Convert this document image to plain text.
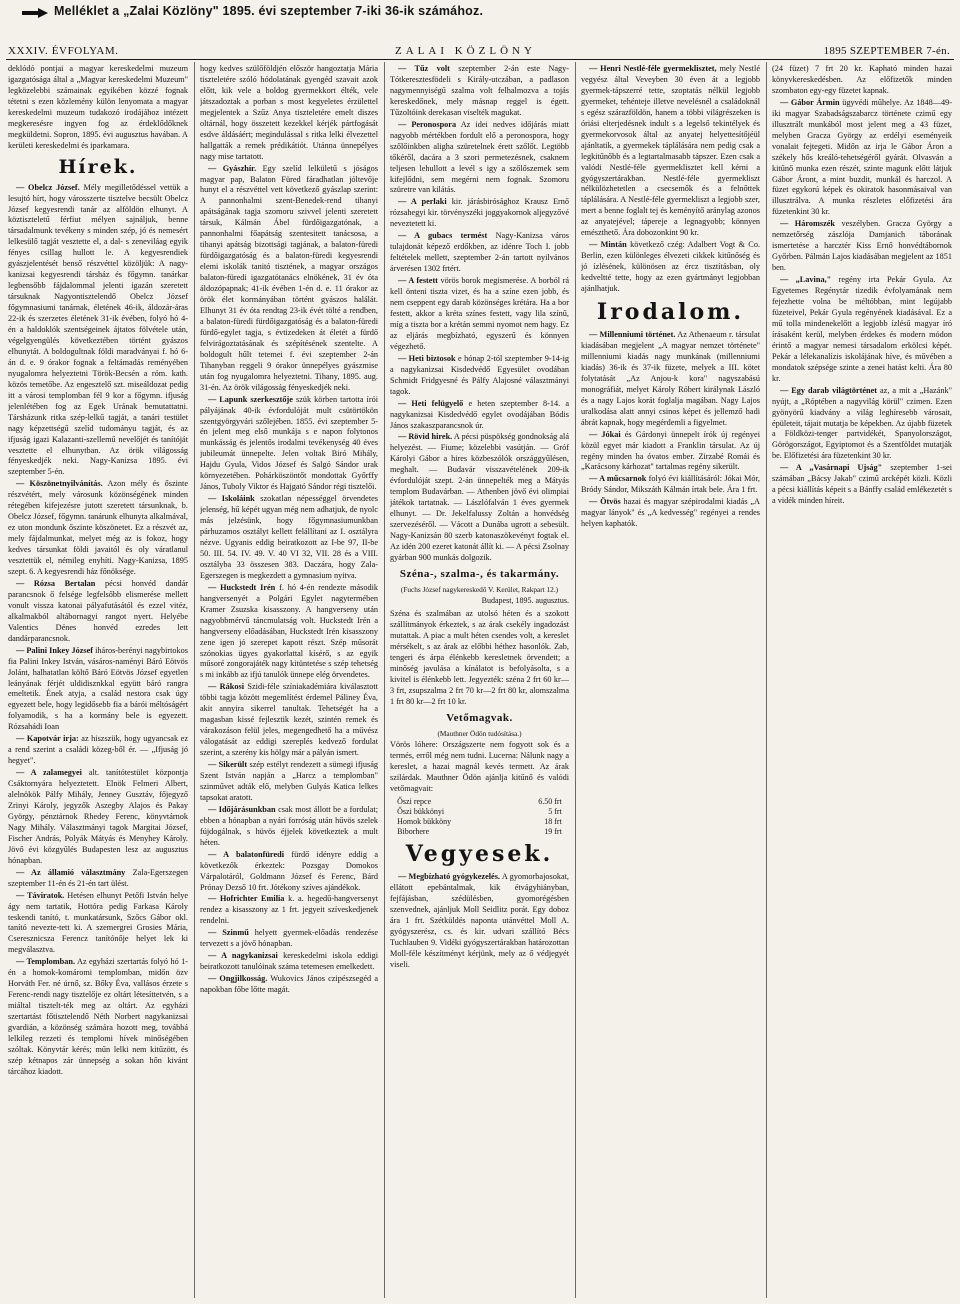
Melléklet a „Zalai Közlöny" 1895. évi szeptember 7-iki 36-ik számához.
XXXIV. ÉVFOLYAM.	ZALAI KÖZLÖNY	1895 SZEPTEMBER 7-én.

deklódó pontjai a magyar kereskedelmi muzeum igazgatósága által a „Magyar kereskedelmi Muzeum" legközelebbi számainak egyikében közzé fognak tétetni s ezen közlemény külön lenyomata a magyar kereskedelmi muzeum tudakozó irodájához intézett megkeresésre ingyen fog az érdeklődőknek megküldetni. Sopron, 1895. évi augusztus havában. A kerületi kereskedelmi és iparkamara.

Hírek.

— Obelcz József. Mély megilletődéssel vettük a lesujtó hírt, hogy városszerte tisztelve becsült Obelcz József kegyesrendi tanár az alföldön elhunyt. A köztiszteletű férfiut mélyen sajnáljuk, benne társadalmunk tevékeny s minden szép, jó és nemesért lelkesülő tagját vesztette el, a dal- s zeneviláag egyik fényes csillag hullott le. A kegyesrendiek gyászjelentését benső részvéttel közöljük: A nagy-kanizsai kegyesrendi társház és főgymn. tanárkar legbensőbb fájdalommal jelenti igazán szeretett társuknak Nagyontisztelendő Obelcz József főgymnasiumi tanárnak, életének 46-ik, áldozár-áras 22-ik és szerzetes életének 31-ik évében, folyó hó 4-én a haldoklók szentségeinek ájtatos fölvétele után, végelgyengülés következtében történt gyászos elhunytát. A boldogultnak földi maradványai f. hó 6-án d. e. 9 órakor fognak a feltámadás reményében nyugalomra helyeztetni Török-Becsén a róm. kath. közös temetőbe. Az engesztelő szt. miseáldozat pedig itt a városi templomban fél 9 kor a főgymn. ifjuság jelenlétében fog az Egek Urának bemutattatni. Társházunk ritka szép-lelkű tagját, a tanári testület nagy képzettségű szelíd tudományu tagját, és az ifjuság igazi Kalazanti-szellemű nevelőjét és tanítóját vesztette el elhunytban. Az örök világosság fényeskedjék neki. Nagy-Kanizsa 1895. évi szeptember 5-én.

— Köszönetnyilvánítás. Azon mély és őszinte részvétért, mely városunk közönségének minden rétegében kifejezésre jutott szeretett társunknak, b. Obelcz József, főgymn. tanárunk elhunyta alkalmával, ez uton mondunk őszinte köszönetet. Ez a részvét az, mely fájdalmunkat, melyet még az is fokoz, hogy kedves társunkat földi javaitól és oly váratlanul vesztettük el, némileg enyhíti. Nagy-Kanizsa, 1895 szept. 6. A kegyesrendi ház főnöksége.

— Rózsa Bertalan pécsi honvéd dandár parancsnok ő felsége legfelsőbb elismerése mellett vonult vissza katonai pályafutásától és ezzel vitéz, alkalmakból altábornagyi rangot nyert. Helyébe Valentics Dénes honvéd ezredes lett dandárparancsnok.

— Palini Inkey József iháros-berényi nagybirtokos fia Palini Inkey István, vásáros-naményi Báró Eötvös Jolánt, halhatatlan költő Báró Eötvös József egyetlen leányának férjét uldidisznkkal együtt báró rangra emeltetik. Ének atyja, a család nestora csak úgy egyezett bele, hogy legidősebb fia a bárói méltóságért folyamodik, s ha a kormány bele is egyezett. Rózsahádi Ioan

— Kapotvár irja: az hiszszük, hogy ugyancsak ez a rend szerint a családi közeg-ből ér. — „Ifjuság jó hegyet".

— A zalamegyei alt. tanítótestület központja Csáktornyára helyeztetett. Elnök Felmeri Albert, alelnökök Pálfy Mihály, Jenney Gusztáv, főjegyző Zrinyi Károly, jegyzők Aszegby Alajos és Pakay György, pénztárnok Rhedey Ferenc, könyvtárnok Nagy Mihály. Választmányi tagok Margitai József, Fischer András, Polyák Mátyás és Menyhey Károly. Jövő évi közgyűlés Budapesten lesz az augusztus hónapban.

— Az államió választmány Zala-Egerszegen szeptember 11-én és 21-én tart ülést.

— Táviratok. Hetésen elhunyt Petőfi István helye ágy nem tartatik, Hottóra pedig Farkasa Károly teskendi tanító, t. munkatársunk, Szőcs Gábor okl. tanító nevezte-tett ki. A szemergrei Grosies Mária, Cseresznicsza Ferencz tanítónője helyet lek ki megválasztva.

— Templomban. Az egyházi szertartás folyó hó 1-én a homok-komáromi templomban, midőn özv Horváth Fer. né úrnő, sz. Bőky Éva, vallásos érzete s Ferenc-rendi nagy tisztelője ez oltárt létesíttetvén, s a miáltal tisztelt-ték meg az oltárt. Az egyházi szertartást főtisztelendő Néth Norbert nagykanizsai gvardián, a közönség számára hozott meg, továbbá lelkileg rezzeti és templomi hívek minőségében szóltak. Könyvtár kérés; műn lelki nem kitűzött, és szép kétnapos zár ünnepség a sokan hőn kivánt tárcához kiadott.

hogy kedves szülőföldjén először hangoztatja Mária tiszteletére szóló hódolatának gyengéd szavait azok előtt, kik vele a boldog gyermekkort élték, vele játszadoztak a porban s most kegyeletes érzülettel megjelentek a Szűz Anya tiszteletére emelt diszes oltárnál, hogy összetett kezekkel kérjék pártfogását esdve áldásáért; megindulással s ritka lelki élvezettel hallgatták a remek prédikátiót. Utánna ünnepélyes nagy mise tartatott.

— Gyászhír. Egy szelíd lelkületű s jóságos magyar pap, Balaton Füred fáradhatlan jóltevője hunyt el a részvéttel vett következő gyászlap szerint: A pannonhalmi szent-Benedek-rend tihanyi apátságának tagja szomoru szivvel jelenti szeretett társuk, Kálmán Ábel fürdőigazgatónak, a pannonhalmi főapátság szentesitett tanácsosa, a tihanyi apátság bizottsági tagjának, a balaton-füredi fürdőigazgatóság és a balaton-füredi kegyesrendi elemi iskolák tanitó tisztének, a magyar országos balaton-füredi igazgatótanács elnökének, 31 év óta áldozópapnak; 41-ik évében 1-én d. e. 11 órakor az örök élet kormányában történt gyászos halálát. Elhunyt 31 év óta rendtag 23-ik évét tölté a rendben, a balaton-füredi fürdőigazgatóság és a balaton-füredi fürdő-egylet tagja, s évtizedeken át életét a fürdő felvirágoztatásának és szépítésének szentelte. A boldogult hűlt tetemei f. évi szeptember 2-án Tihanyban reggeli 9 órakor ünnepélyes gyászmise után fog nyugalomra helyeztetni. Tihany, 1895. aug. 31-én. Az örök világosság fényeskedjék neki.

— Lapunk szerkesztője szük körben tartotta írói pályájának 40-ik évfordulóját mult csütörtökön szentgyörgyvári szőlejében. 1855. évi szeptember 5-én jelent meg első munkája s e napon folytonos munkásság és jelentős irodalmi tevékenység 40 éves jubileumát ünnepelte. Jelen voltak Biró Mihály, Hajdu Gyula, Vidos József és Salgó Sándor urak környezetében. Pohárköszöntőt mondottak Győrffy János, Tuboly Viktor és Hajgató Sándor régi tisztelői.

— Iskoláink szokatlan népességgel örvendetes jelenség, hű képét ugyan még nem adhatjuk, de nyolc más jelzésünk, hogy főgymnasiumunkban párhuzamos osztályt kellett felállítani az I. osztályra nézve. Ugyanis eddig beiratkozott az I-be 97, II-be 50. III. 54. IV. 49. V. 40 VI 32, VII. 28 és a VIII. osztályba 33 összesen 383. Daczára, hogy Zala-Egerszegen is megkezdett a gymnasium nyitva.

— Huckstedt Irén f. hó 4-én rendezte második hangversenyét a Polgári Egylet nagytermében Kramer Zsuzska kisasszony. A hangverseny után nagyobbmérvű táncmulatság volt. Huckstedt Irén a hangverseny előadásában, Huckstedt Irén kisasszony zene igen jó szerepet kapott részt. Szép műsorát szónokias ügyes gyakorlattal kísérő, s az egyik műsoré zongorajáték nagy kitüntetése s szép tehetség s mi inkább az ifjú tanulók ünnepe elég örvendetes.

— Rákosi Szidi-féle színiakadémiára kiválasztott többi tagja között megemlítést érdemel Páliney Éva, akit annyira sikerrel tanultak. Tehetségét ha a magasban kissé fejlesztik kezét, szintén remek és várakozáson felül jeles, megengedhető ha a művész válogatását az eddigi szereplés kedvező fordulat szerint, a szerény kis hölgy már a pályán ismert.

— Sikerült szép estélyt rendezett a sümegi ifjuság Szent István napján a „Harcz a templomban" szinművet adták elő, melyben Gulyás Katica lelkes tapsokat aratott.

— Időjárásunkban csak most állott be a fordulat; ebben a hónapban a nyári forróság után hűvös szelek fújdogálnak, s hüvös éjjelek következtek a mult héten.

— A balatonfüredi fürdő idényre eddig a következők érkeztek: Pozsgay Domokos Várpalotáról, Goldmann József és Ferenc, Bárd Prónay Dezső 10 frt. Jótékony szíves ajándékok.

— Hofrichter Emilia k. a. hegedű-hangversenyt rendez a kisasszony az 1 frt. jegyeit szíveskedjenek rendelni.

— Szinmű helyett gyermek-előadás rendezése tervezett s a jövő hónapban.

— A nagykanizsai kereskedelmi iskola eddigi beiratkozott tanulóinak száma tetemesen emelkedett.

— Ongjilkosság. Wukovics János czipészsegéd a napokban főbe lőtte magát.

— Tűz volt szeptember 2-án este Nagy-Tótkeresztesfödeli s Király-utczában, a padlason nagymennyiségű szalma volt felhalmozva a tojás kereskedőnek, mely másnap reggel is égett. Tűzoltóink derekasan viselték magukat.

— Peronospora Az idei nedves időjárás miatt nagyobb mértékben fordult elő a peronospora, hogy szőlőinkben aligha szüretelnek érett szőlőt. Legtöbb tőkéről, dacára a 3 szori permetezésnek, csaknem teljesen lehullott a levél s igy a szőlőszemek sem kifejlődni, sem megérni nem fognak. Szomoru szüretre van kilátás.

— A perlaki kir. járásbirósághoz Krausz Ernő rózsahegyi kir. törvényszéki joggyakornok aljegyzővé neveztetett ki.

— A gubacs termést Nagy-Kanizsa város tulajdonát képező erdőkben, az idénre Toch I. jobb feltételek mellett, szeptember 2-án tartott nyilvános árverésen 1302 frtért.

— A festett vörös borok megismerése. A borból rá kell önteni tiszta vizet, és ha a színe ezen jobb, és nem cseppent egy darab közönséges krétára. Ha a bor festett, akkor a kréta színes festett, vagy lila színű, míg a tiszta bor a krétán semmi nyomot nem hagy. Ez az eljárás megbízható, egyszerű és könnyen végezhető.

— Heti biztosok e hónap 2-tól szeptember 9-14-ig a nagykanizsai Kisdedvédő Egyesület ovodában Schmidt Fridgyesné és Pálfy Alajosné választmányi tagok.

— Heti felügyelő e heten szeptember 8-14. a nagykanizsai Kisdedvédő egylet ovodájában Bódis János szakaszparancsnok úr.

— Rövid hirek. A pécsi püspökség gondnokság alá helyezést. — Fiume; közelebbi vasútján. — Gróf Károlyi Gábor a hires közbeszólók országgyűlésen, meghalt. — Budavár visszavételének 209-ik évfordulóját szept. 2-án ünnepelték meg a Mátyás templom Budavárban. — Athenben jövő évi olimpiai játékok tartatnak. — Lászlófalván 1 éves gyermek elhunyt. — Dr. Jekelfalussy Zoltán a honvédség szervezéséről. — Vácott a Dunába ugrott a sebesült. Nagy-Kanizsán 80 szerb katonaszökevényt fogtak el. Az idén 200 ezeret katonát állít ki. — A pécsi Zsolnay gyárban 900 munkás dolgozik.

Széna-, szalma-, és takarmány.
(Fuchs József nagykereskedő V. Kerület, Rakpart 12.)
Budapest, 1895. augusztus.

Széna és szalmában az utolsó héten és a szokott szállítmányok érkeztek, s az árak csekély ingadozást mutattak. A piac a mult héten csendes volt, a kereslet mérsékelt, s az árak az előbbi héthez hasonlók. Zab, tengeri és árpa élénkebb keresletnek örvendett; a minőség javulása a kínálatot is befolyásolta, s a kivitel is élénkebb lett. Jegyezték: széna 2 frt 60 kr—3 frt, zsupszalma 2 frt 70 kr—2 frt 80 kr, alomszalma 1 frt 80 kr—2 frt 10 kr.

Vetőmagvak.
(Mauthner Ödön tudósítása.)

Vörös lóhere: Országszerte nem fogyott sok és a termés, erről még nem tudni. Lucerna: Nálunk nagy a kereslet, a hazai magnál kevés termett. Az árak szilárdak. Mauthner Ödön ajánlja kitűnő és valódi vetőmagvait:

Őszi repce	6.50 frt
Őszi bükkönyi	5 frt
Homok bükköny	18 frt
Biborhere	19 frt
Vegyesek.

— Megbízható gyógykezelés. A gyomorbajosokat, ellátott epebántalmak, kik étvágyhiányban, fejfájásban, szédülésben, gyomorégésben szenvednek, ajánljuk Moll Seidlitz porát. Egy doboz ára 1 frt. Szétküldés naponta utánvéttel Moll A. gyógyszerész, cs. és kir. udvari szállító Bécs Tuchlauben 9. Vidéki gyógyszertárakban határozottan Moll-féle készítményt kérjünk, mely az ő védjegyét viseli.

— Henri Nestlé-féle gyermeklisztet, mely Nestlé vegyész által Veveyben 30 éven át a legjobb gyermek-tápszerré tette, szoptatás nélkül legjobb gyermeket, tehénteje illetve nevelésnél a családoknál s egész szárazföldön, hanem a többi világrészeken is óriási elterjedésnek indult s a legelső tekintélyek és gyermekorvosok által az anyatej helyettesítőjéül ajánltatik, a gyermekek táplálására nem pedig csak a legkitűnőbb és a legtartalmasabb tápszer. Ezen csak a valódi Nestlé-féle gyermeklisztet kell kérni a gyógyszertárakban. Nestlé-féle gyermekliszt nélkülözhetetlen a csecsemők és a felnőttek táplálására. A Nestlé-féle gyermekliszt a legjobb szer, mert a benne foglalt tej és keményítő aránylag azonos az anyatejével; tápereje a legnagyobb; könnyen emészthető. Ára dobozonkint 90 kr.

— Mintán következő czég: Adalbert Vogt & Co. Berlin, ezen különleges élvezeti cikkek kitűnőség és jó ízlésének, különösen az ércz tisztításban, oly kedveltté tette, hogy az ezen gyártmányt legjobban ajánlhatjuk.

Irodalom.

— Millenniumi történet. Az Athenaeum r. társulat kiadásában megjelent „A magyar nemzet története" millenniumi kiadás nagy munkának (millenniumi kiadás) 36-ik és 37-ik füzete, melyek a III. kötet folytatását „Az Anjou-k kora" nagyszabású monográfiát, melyet Károly Róbert királynak László és a nagy Lajos korát foglalja magában. Nagy Lajos uralkodása alatt annyi csinos képet és jellemző hadi ábrát kapnak, hogy megérdemli a figyelmet.

— Jókai és Gárdonyi ünnepelt írók új regényei közül egyet már kiadott a Franklin társulat. Az új regény minden ha óvatos ember. Zirzabé Romái és „Karácsony kárhozat" tartalmas regény sikerült.

— A műcsarnok folyó évi kiállításáról: Jókai Mór, Bródy Sándor, Mikszáth Kálmán írtak bele. Ára 1 frt.

— Ötvös hazai és magyar szépirodalmi kiadás „A magyar lányok" és „A kedvesség" regényei a rendes helyen kaphatók.

(24 füzet) 7 frt 20 kr. Kapható minden hazai könyvkereskedésben. Az előfizetők minden szombaton egy-egy füzetet kapnak.

— Gábor Ármin ügyvédi műhelye. Az 1848—49-iki magyar Szabadságszabarcz története czimű egy illusztrált munkából most jelent meg a 43 füzet, melyben Gracza György az erdélyi eseményeik vonalait fejtegeti. Midőn az irja le Gábor Áron a székely hős kreáló-tehetségéről gyárát. Olvasván a kitűnő munka ezen részét, szinte magunk előtt látjuk Gábor Áront, a mint buzdit, munkál és harczol. A füzet egykorú képek és okiratok hasonmásaival van illusztrálva. A munka részletes előfizetési ára füzetenkint 30 kr.

— Háromszék veszélyben. Gracza György a nemzetőrség zászlója Damjanich táborának ismertetése a harcztér Kiss Ernő honvédtábornok Győrben. Pálmán Lajos kiadásában megjelent az 1851 ben.

— „Lavina," regény irta Pekár Gyula. Az Egyetemes Regénytár tizedik évfolyamának nem fejezhette volna be méltóbban, mint legújabb füzeteivel, Pekár Gyula regényének kiadásával. Ez a mű tolla mindenekelőtt a legjobb ízlésű magyar író írásaként kerül, melyben érdekes és modern módon érintő a magyar nemesi társadalom erkölcsi képét. Pekár a lélekanalízis iskolájának híve, és művében a mondatok szépsége szinte a zenei hatást kelti. Ára 80 kr.

— Egy darab világtörténet az, a mit a „Hazánk" nyújt, a „Róptében a nagyvilág körül" czimen. Ezen gyönyörű kiadvány a világ leghíresebb városait, épületeit, tájait mutatja be képekben. Az újabb füzetek a Földközi-tenger partvidékét, Spanyolországot, Görögországot, Egyiptomot és a Szentföldet mutatják be. Előfizetési ára füzetenkint 30 kr.

— A „Vasárnapi Ujság" szeptember 1-sei számában „Bácsy Jakab" czimű arcképét közli. Közli a pécsi kiállítás képeit s a Bánffy család emlékezetét s a vidék minden híreit.
